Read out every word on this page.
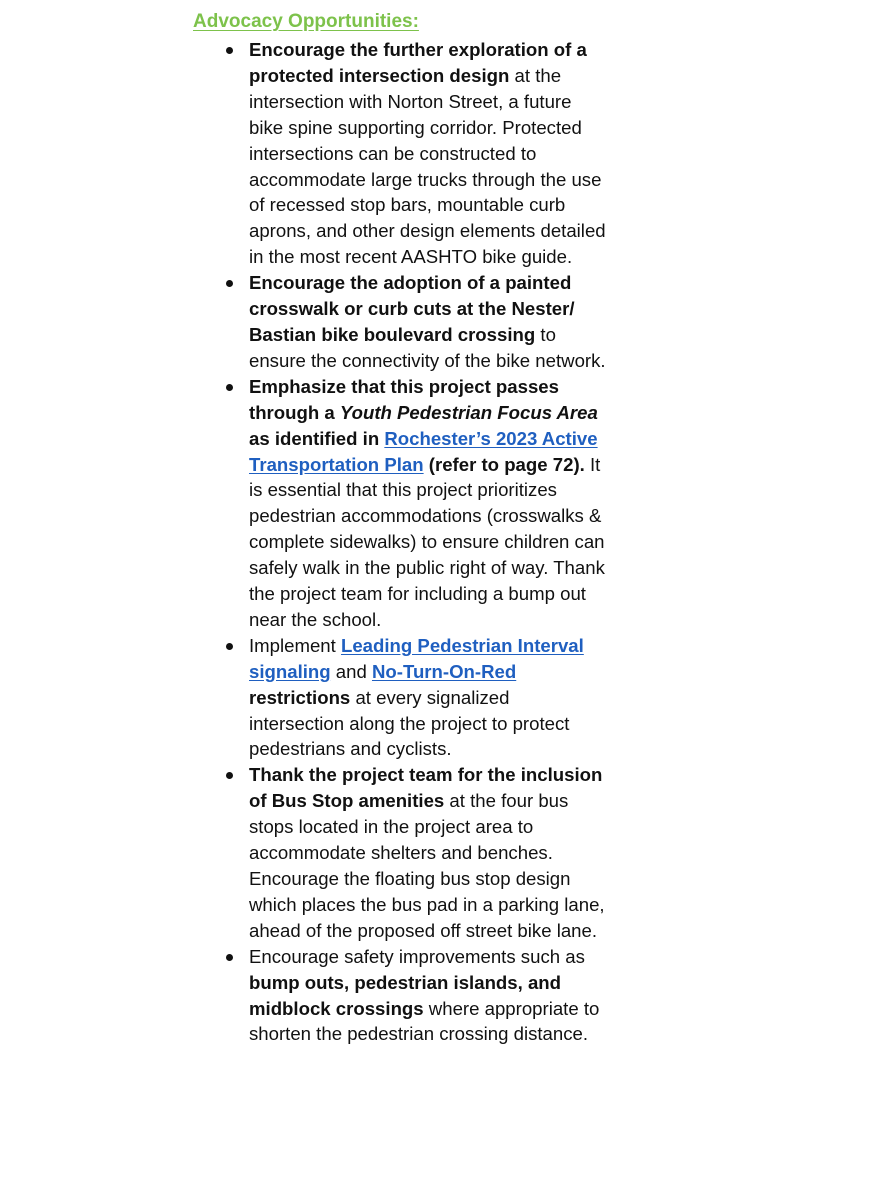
Advocacy Opportunities:
Encourage the further exploration of a protected intersection design at the intersection with Norton Street, a future bike spine supporting corridor. Protected intersections can be constructed to accommodate large trucks through the use of recessed stop bars, mountable curb aprons, and other design elements detailed in the most recent AASHTO bike guide.
Encourage the adoption of a painted crosswalk or curb cuts at the Nester/ Bastian bike boulevard crossing to ensure the connectivity of the bike network.
Emphasize that this project passes through a Youth Pedestrian Focus Area as identified in Rochester’s 2023 Active Transportation Plan (refer to page 72). It is essential that this project prioritizes pedestrian accommodations (crosswalks & complete sidewalks) to ensure children can safely walk in the public right of way. Thank the project team for including a bump out near the school.
Implement Leading Pedestrian Interval signaling and No-Turn-On-Red restrictions at every signalized intersection along the project to protect pedestrians and cyclists.
Thank the project team for the inclusion of Bus Stop amenities at the four bus stops located in the project area to accommodate shelters and benches. Encourage the floating bus stop design which places the bus pad in a parking lane, ahead of the proposed off street bike lane.
Encourage safety improvements such as bump outs, pedestrian islands, and midblock crossings where appropriate to shorten the pedestrian crossing distance.
